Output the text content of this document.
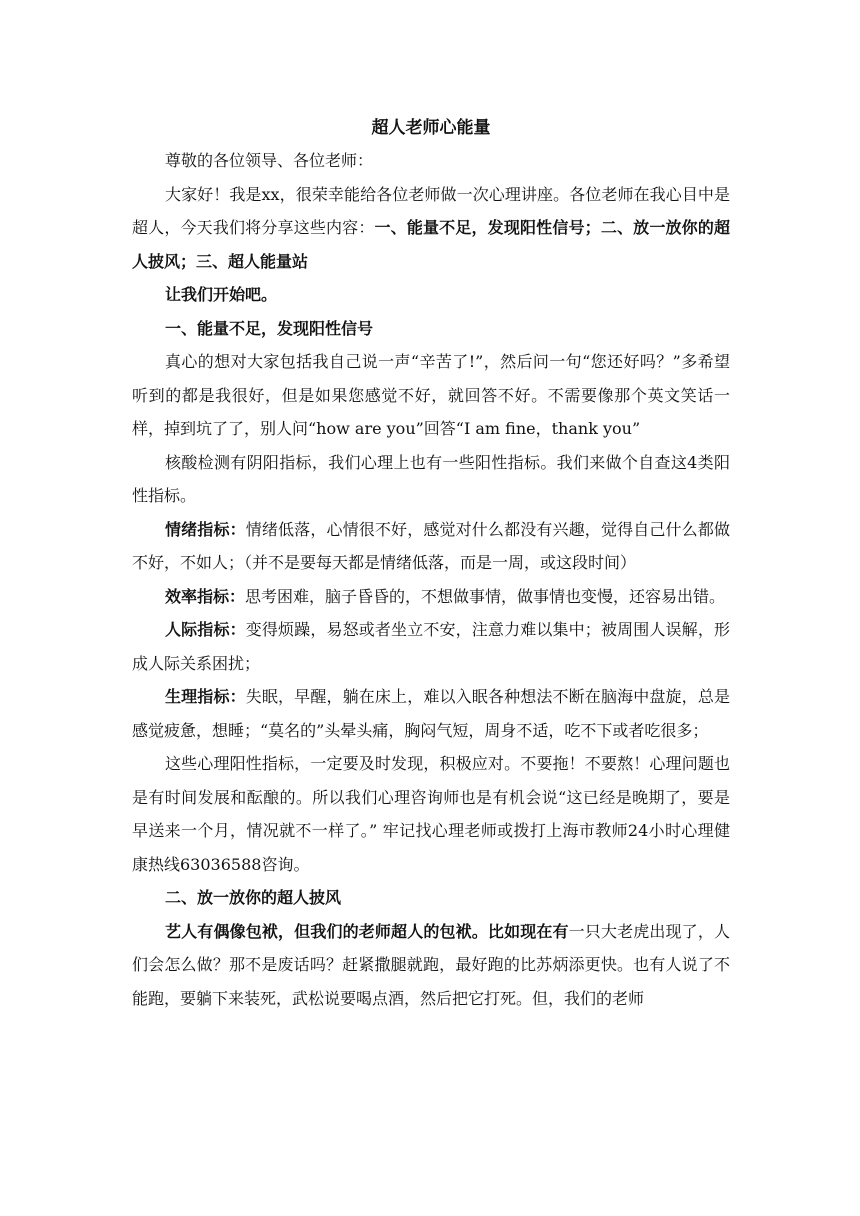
超人老师心能量

尊敬的各位领导、各位老师：

大家好！我是xx，很荣幸能给各位老师做一次心理讲座。各位老师在我心目中是超人，今天我们将分享这些内容：一、能量不足，发现阳性信号；二、放一放你的超人披风；三、超人能量站

让我们开始吧。

一、能量不足，发现阳性信号

真心的想对大家包括我自己说一声“辛苦了!”，然后问一句“您还好吗？”多希望听到的都是我很好，但是如果您感觉不好，就回答不好。不需要像那个英文笑话一样，掉到坑了了，别人问“how are you”回答“I am fine，thank you”

核酸检测有阴阳指标，我们心理上也有一些阳性指标。我们来做个自查这4类阳性指标。

情绪指标：情绪低落，心情很不好，感觉对什么都没有兴趣，觉得自己什么都做不好，不如人；（并不是要每天都是情绪低落，而是一周，或这段时间）

效率指标：思考困难，脑子昏昏的，不想做事情，做事情也变慢，还容易出错。

人际指标：变得烦躁，易怒或者坐立不安，注意力难以集中；被周围人误解，形成人际关系困扰；

生理指标：失眠，早醒，躺在床上，难以入眠各种想法不断在脑海中盘旋，总是感觉疲惫，想睡；“莫名的”头晕头痛，胸闷气短，周身不适，吃不下或者吃很多；

这些心理阳性指标，一定要及时发现，积极应对。不要拖！不要熬！心理问题也是有时间发展和酝酿的。所以我们心理咨询师也是有机会说“这已经是晚期了，要是早送来一个月，情况就不一样了。” 牢记找心理老师或拨打上海市教师24小时心理健康热线63036588咨询。

二、放一放你的超人披风

艺人有偶像包袱，但我们的老师超人的包袱。比如现在有一只大老虎出现了，人们会怎么做？那不是废话吗？赶紧撒腿就跑，最好跑的比苏炳添更快。也有人说了不能跑，要躺下来装死，武松说要喝点酒，然后把它打死。但，我们的老师
